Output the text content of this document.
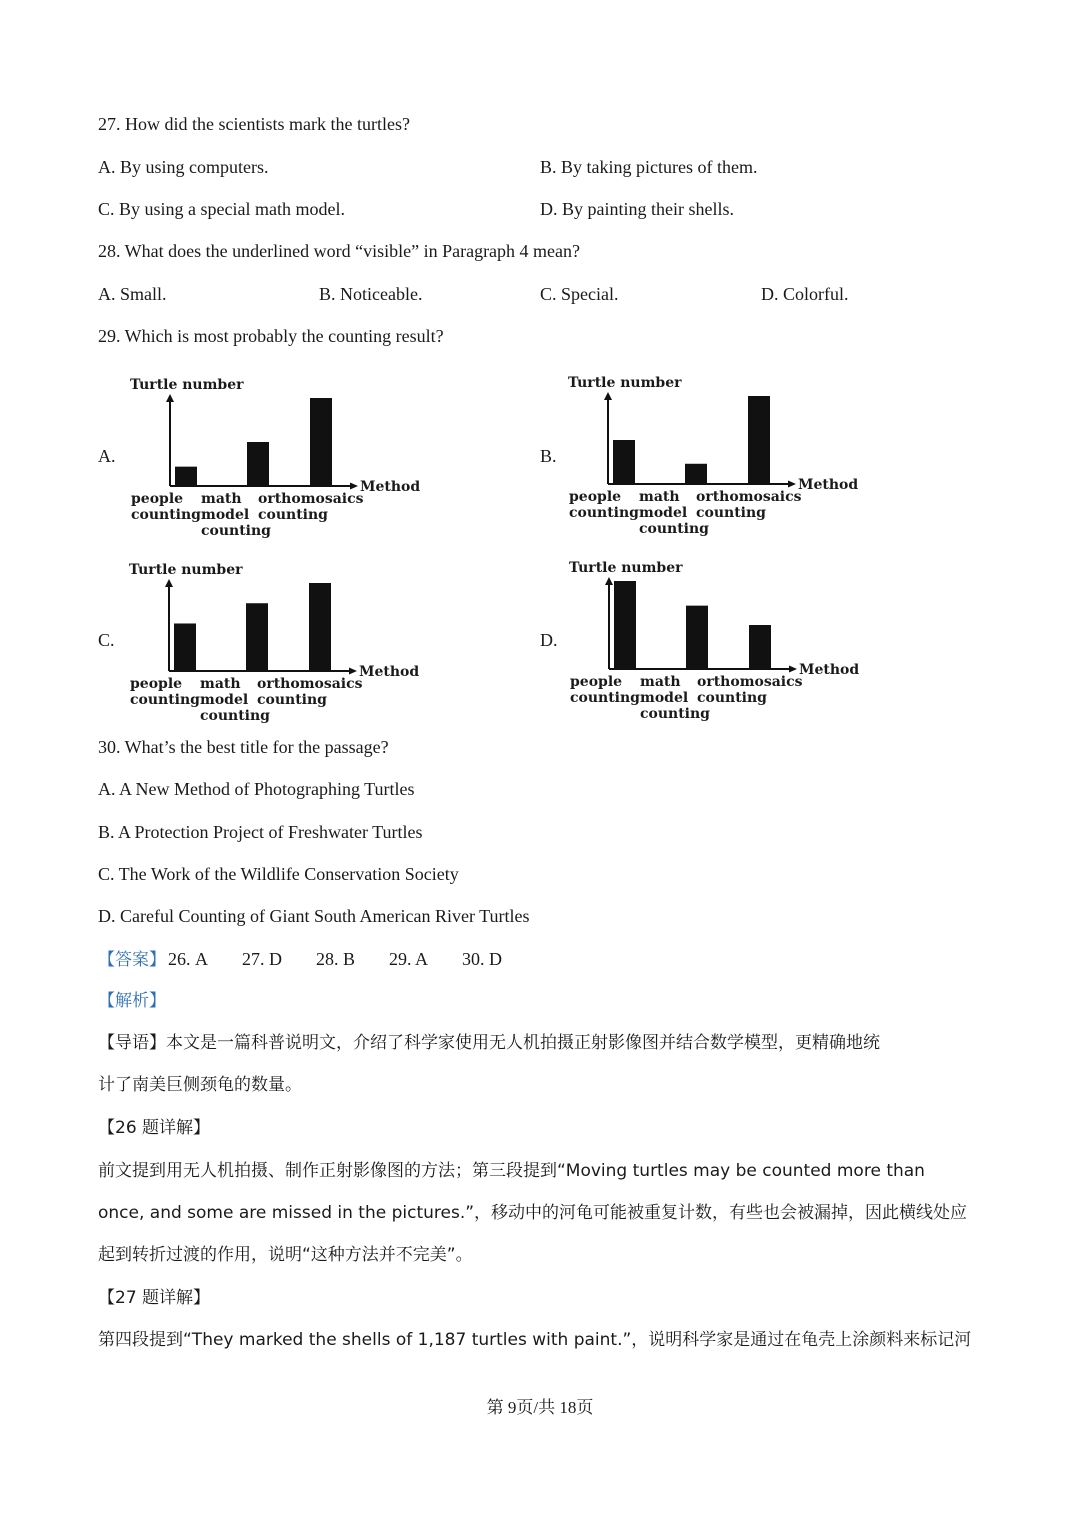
27. How did the scientists mark the turtles?
A. By using computers.	B. By taking pictures of them.
C. By using a special math model.	D. By painting their shells.
28. What does the underlined word “visible” in Paragraph 4 mean?
A. Small.	B. Noticeable.	C. Special.	D. Colorful.
29. Which is most probably the counting result?
A.	B.
C.	D.
Turtle number
Method
people
counting
math
model
counting
orthomosaics
counting
Turtle number
Method
people
counting
math
model
counting
orthomosaics
counting
Turtle number
Method
people
counting
math
model
counting
orthomosaics
counting
Turtle number
Method
people
counting
math
model
counting
orthomosaics
counting
30. What’s the best title for the passage?
A. A New Method of Photographing Turtles
B. A Protection Project of Freshwater Turtles
C. The Work of the Wildlife Conservation Society
D. Careful Counting of Giant South American River Turtles
【答案】 26. A 27. D 28. B 29. A 30. D
【解析】
【导语】本文是一篇科普说明文，介绍了科学家使用无人机拍摄正射影像图并结合数学模型，更精确地统
计了南美巨侧颈龟的数量。
【26 题详解】
前文提到用无人机拍摄、制作正射影像图的方法；第三段提到“Moving turtles may be counted more than
once, and some are missed in the pictures.”，移动中的河龟可能被重复计数，有些也会被漏掉，因此横线处应
起到转折过渡的作用，说明“这种方法并不完美”。
【27 题详解】
第四段提到“They marked the shells of 1,187 turtles with paint.”，说明科学家是通过在龟壳上涂颜料来标记河
第 9页/共 18页
